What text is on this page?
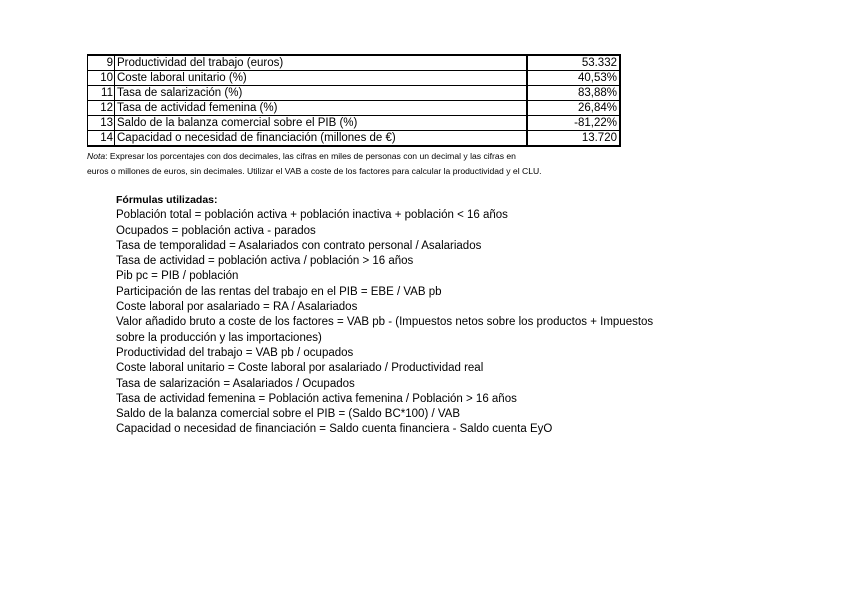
9	Productividad del trabajo (euros)	53.332
10	Coste laboral unitario (%)	40,53%
11	Tasa de salarización (%)	83,88%
12	Tasa de actividad femenina (%)	26,84%
13	Saldo de la balanza comercial sobre el PIB (%)	-81,22%
14	Capacidad o necesidad de financiación (millones de €)	13.720
Nota: Expresar los porcentajes con dos decimales, las cifras en miles de personas con un decimal y las cifras en
euros o millones de euros, sin decimales. Utilizar el VAB a coste de los factores para calcular la productividad y el CLU.
Fórmulas utilizadas:
Población total = población activa + población inactiva + población < 16 años
Ocupados = población activa - parados
Tasa de temporalidad = Asalariados con contrato personal / Asalariados
Tasa de actividad = población activa / población > 16 años
Pib pc = PIB / población
Participación de las rentas del trabajo en el PIB = EBE / VAB pb
Coste laboral por asalariado = RA / Asalariados
Valor añadido bruto a coste de los factores = VAB pb - (Impuestos netos sobre los productos + Impuestos
sobre la producción y las importaciones)
Productividad del trabajo = VAB pb / ocupados
Coste laboral unitario = Coste laboral por asalariado / Productividad real
Tasa de salarización = Asalariados / Ocupados
Tasa de actividad femenina = Población activa femenina / Población > 16 años
Saldo de la balanza comercial sobre el PIB = (Saldo BC*100) / VAB
Capacidad o necesidad de financiación = Saldo cuenta financiera - Saldo cuenta EyO
